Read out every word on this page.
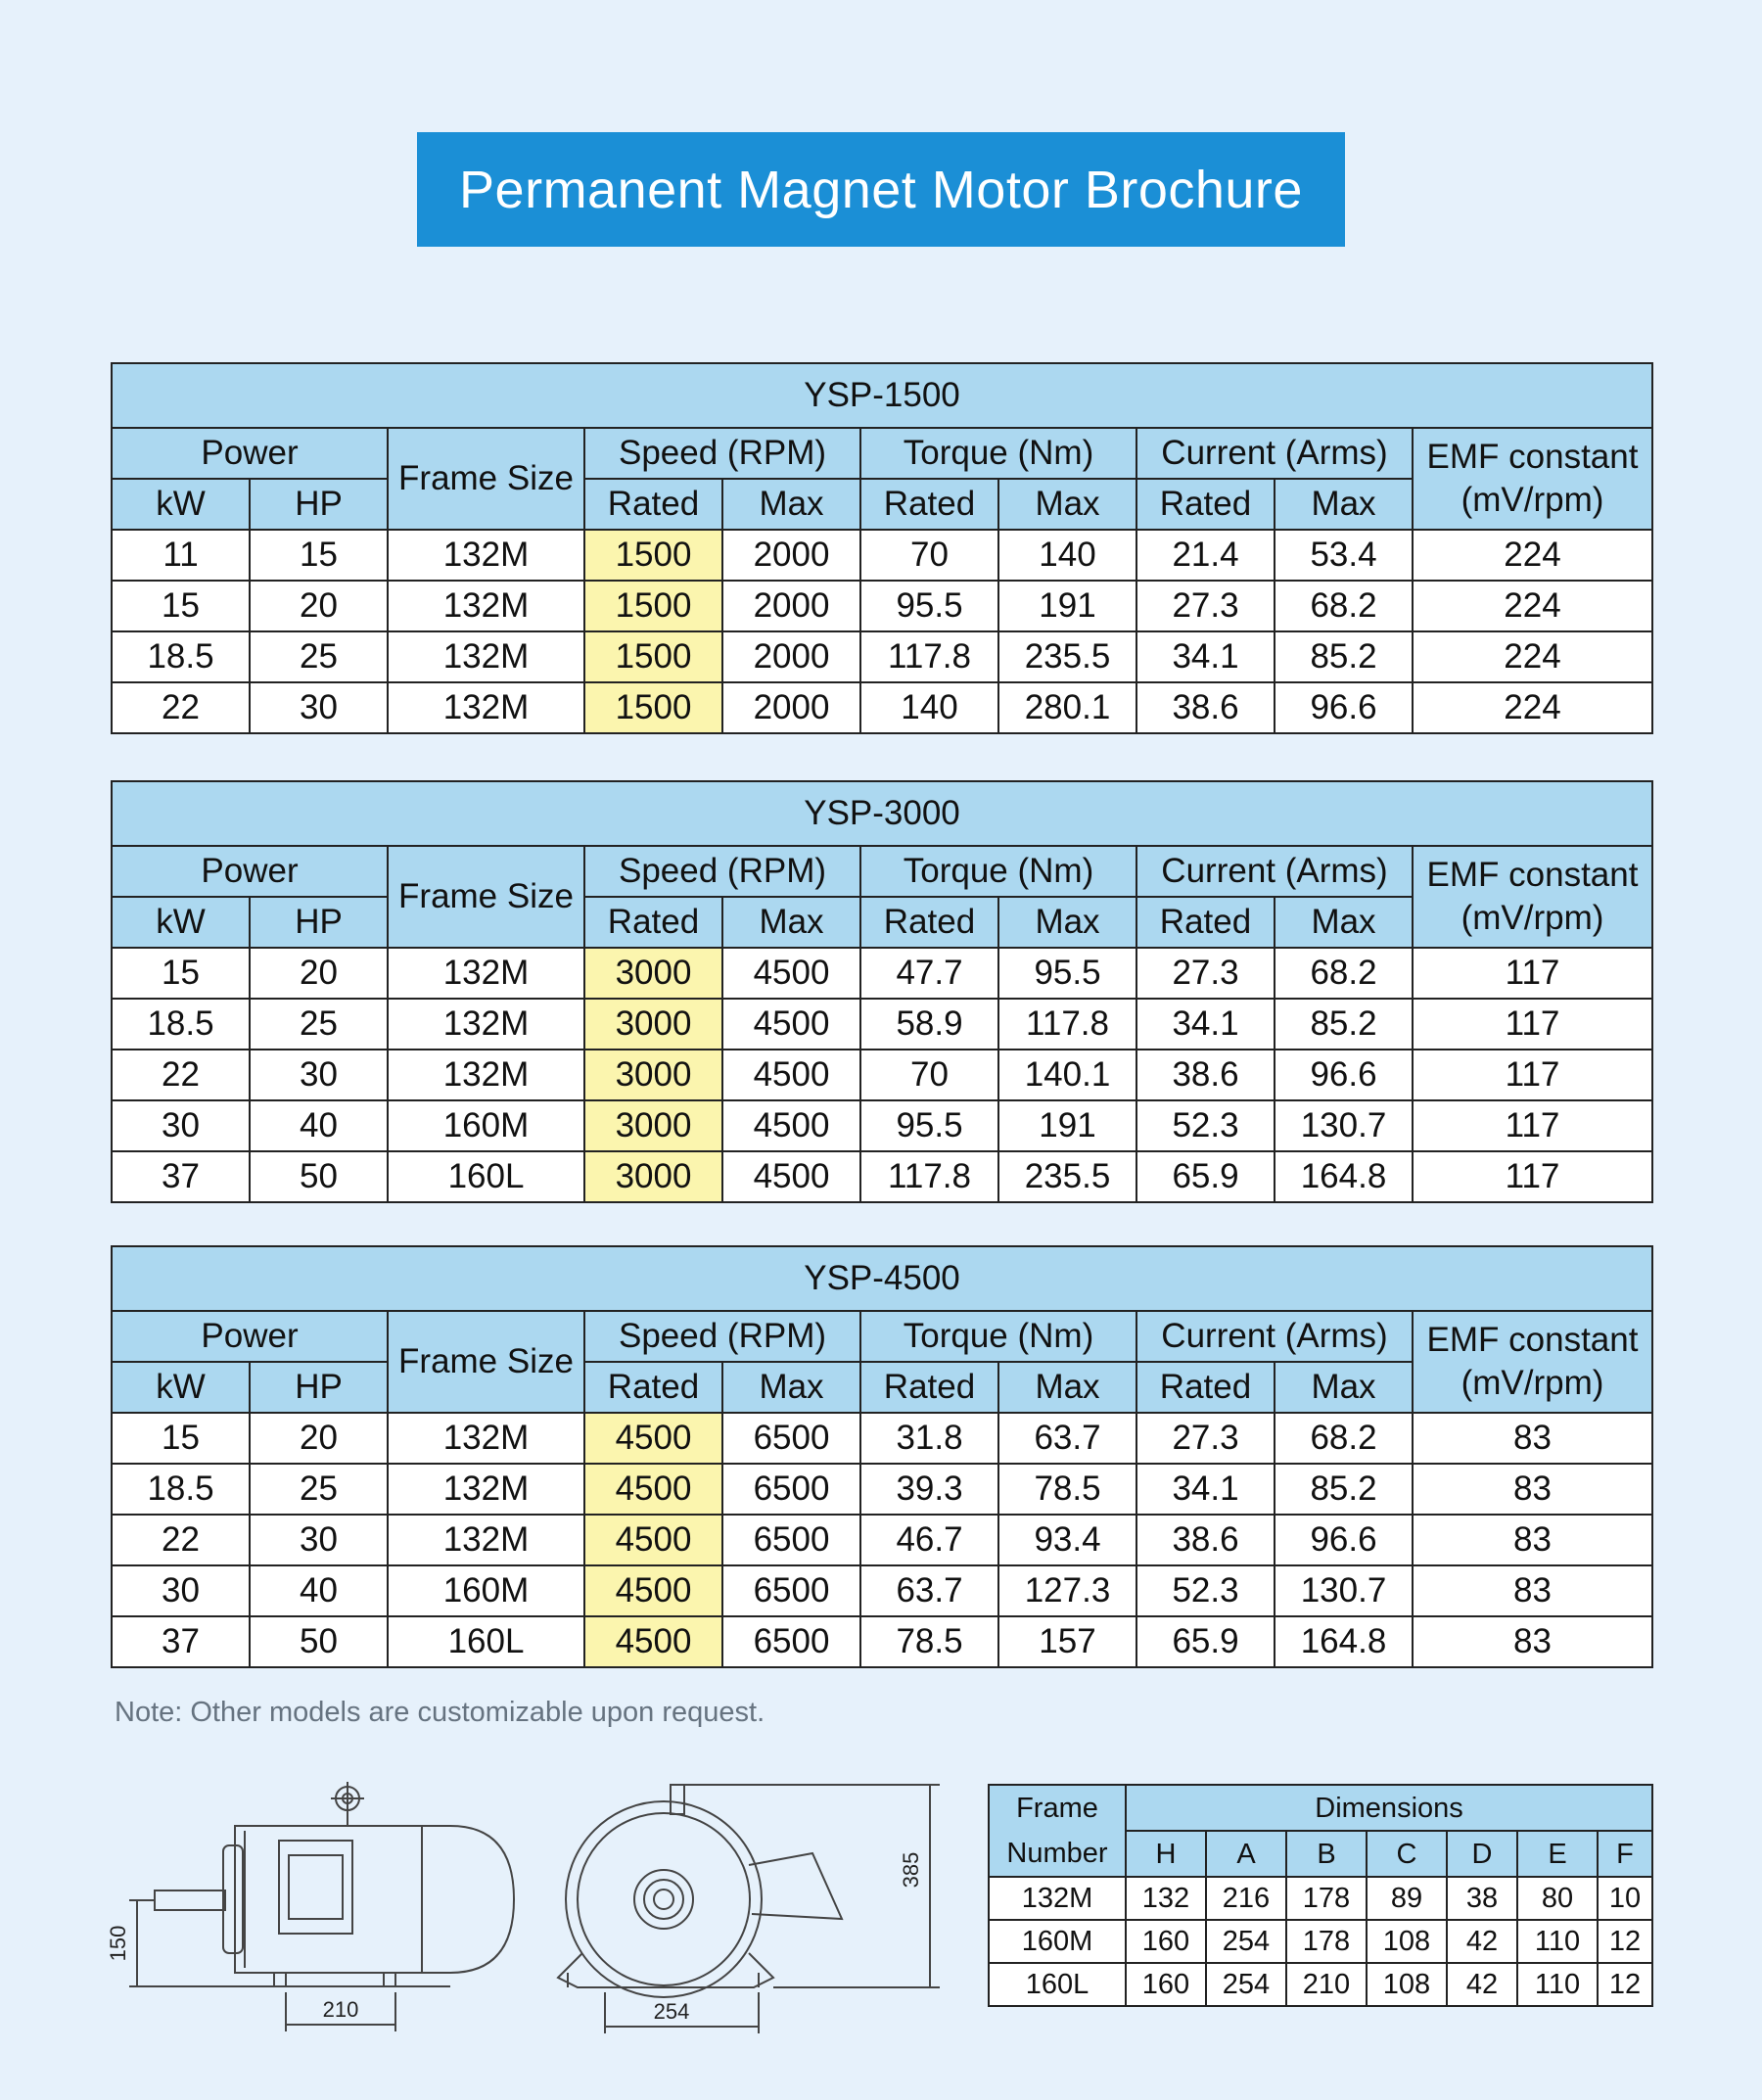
Permanent Magnet Motor Brochure
YSP-1500									
Power		Frame Size	Speed (RPM)		Torque (Nm)		Current (Arms)		EMF constant (mV/rpm)
kW	HP		Rated	Max	Rated	Max	Rated	Max	
11	15	132M	1500	2000	70	140	21.4	53.4	224
15	20	132M	1500	2000	95.5	191	27.3	68.2	224
18.5	25	132M	1500	2000	117.8	235.5	34.1	85.2	224
22	30	132M	1500	2000	140	280.1	38.6	96.6	224
YSP-3000									
Power		Frame Size	Speed (RPM)		Torque (Nm)		Current (Arms)		EMF constant (mV/rpm)
kW	HP		Rated	Max	Rated	Max	Rated	Max	
15	20	132M	3000	4500	47.7	95.5	27.3	68.2	117
18.5	25	132M	3000	4500	58.9	117.8	34.1	85.2	117
22	30	132M	3000	4500	70	140.1	38.6	96.6	117
30	40	160M	3000	4500	95.5	191	52.3	130.7	117
37	50	160L	3000	4500	117.8	235.5	65.9	164.8	117
YSP-4500									
Power		Frame Size	Speed (RPM)		Torque (Nm)		Current (Arms)		EMF constant (mV/rpm)
kW	HP		Rated	Max	Rated	Max	Rated	Max	
15	20	132M	4500	6500	31.8	63.7	27.3	68.2	83
18.5	25	132M	4500	6500	39.3	78.5	34.1	85.2	83
22	30	132M	4500	6500	46.7	93.4	38.6	96.6	83
30	40	160M	4500	6500	63.7	127.3	52.3	130.7	83
37	50	160L	4500	6500	78.5	157	65.9	164.8	83
Note: Other models are customizable upon request.
150
210
385
254
Frame Number	Dimensions						
	H	A	B	C	D	E	F
132M	132	216	178	89	38	80	10
160M	160	254	178	108	42	110	12
160L	160	254	210	108	42	110	12
